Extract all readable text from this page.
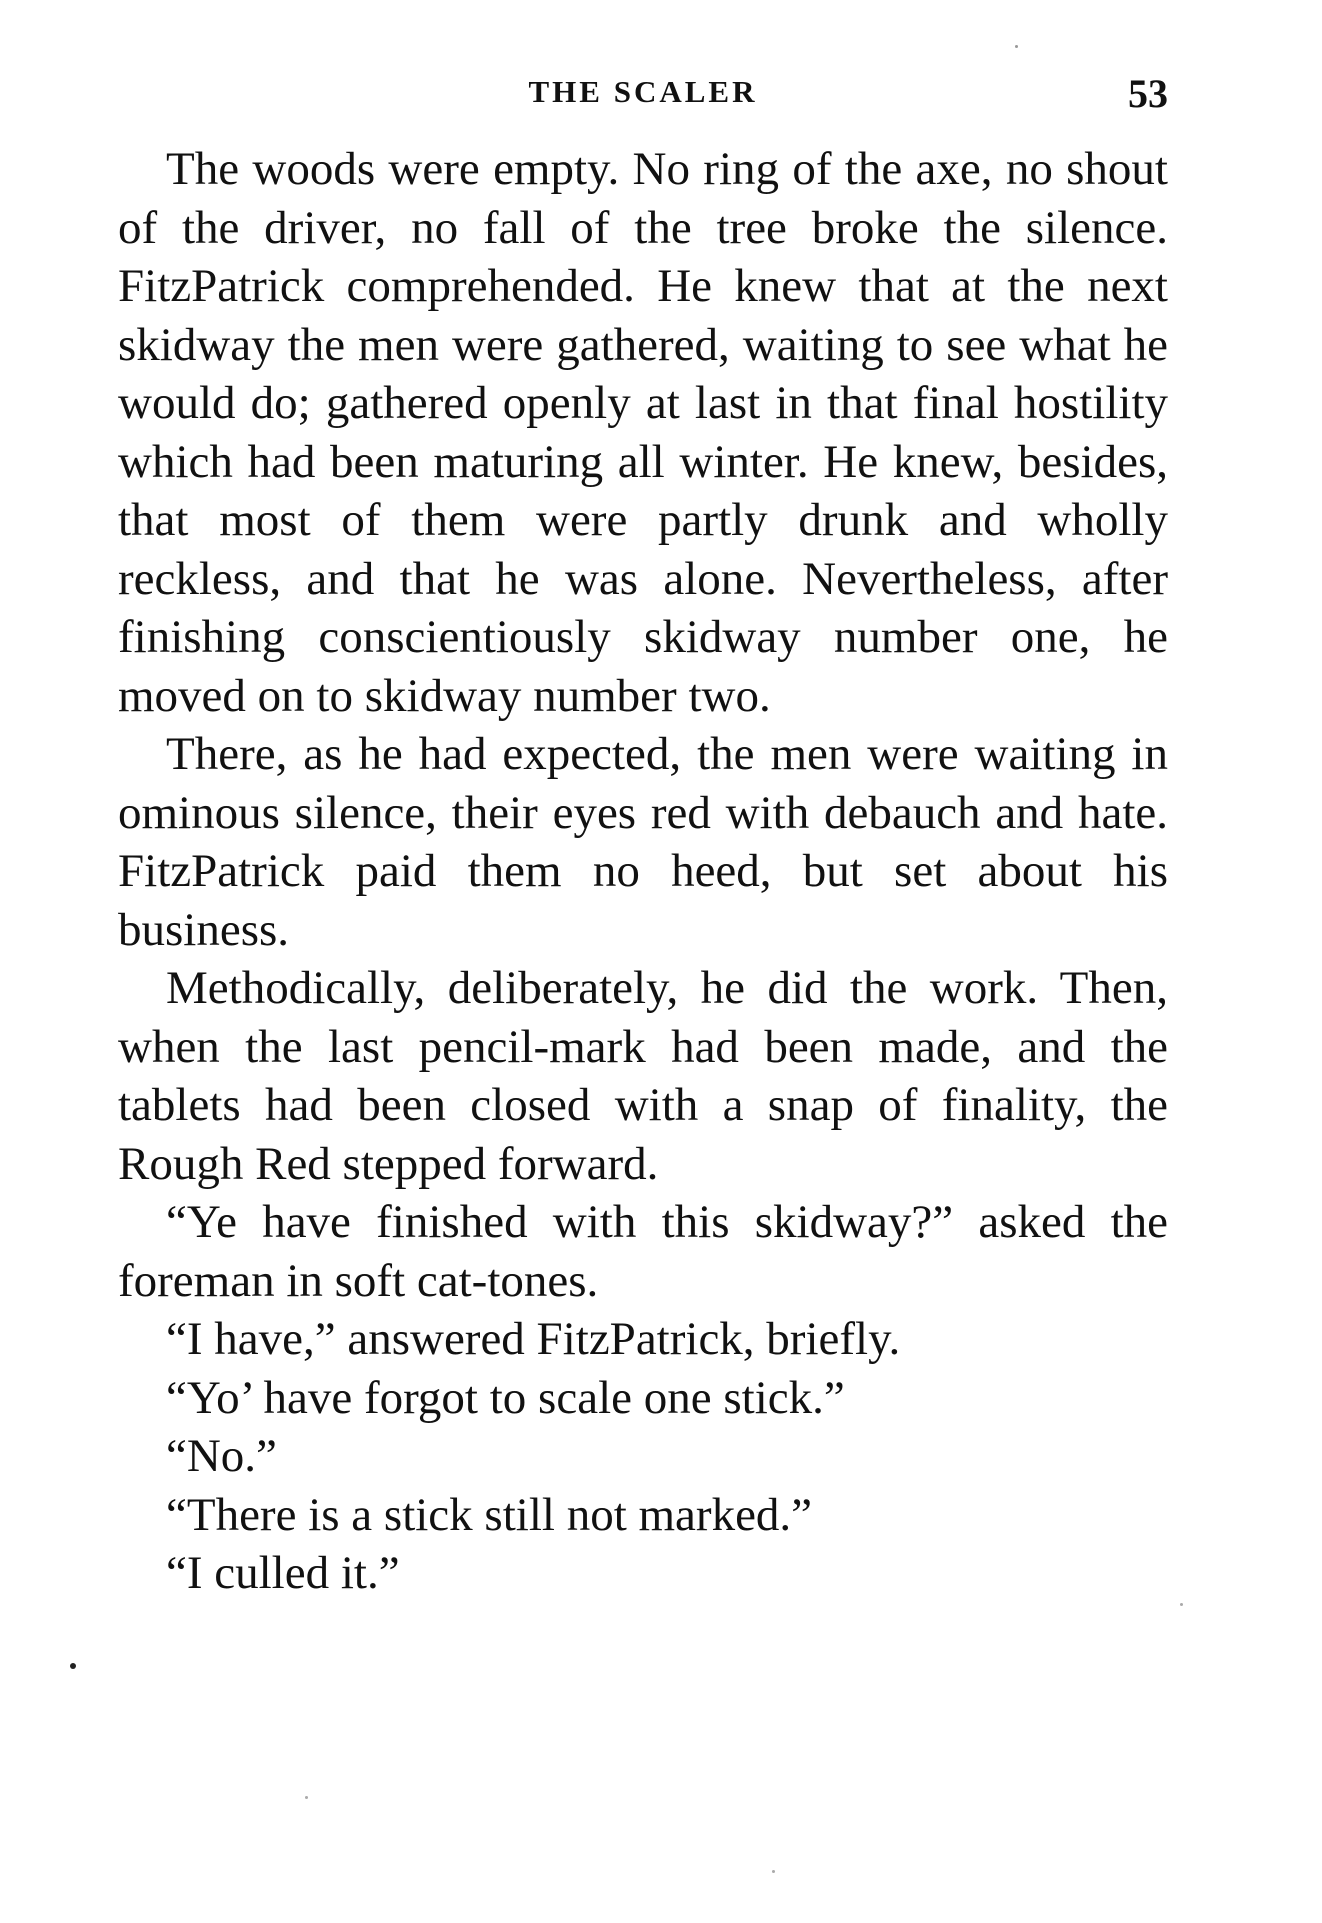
THE SCALER	53

The woods were empty. No ring of the axe, no shout of the driver, no fall of the tree broke the silence. FitzPatrick comprehended. He knew that at the next skidway the men were gathered, waiting to see what he would do; gathered openly at last in that final hostility which had been maturing all winter. He knew, besides, that most of them were partly drunk and wholly reckless, and that he was alone. Nevertheless, after finishing conscientiously skidway number one, he moved on to skidway number two.

There, as he had expected, the men were waiting in ominous silence, their eyes red with debauch and hate. FitzPatrick paid them no heed, but set about his business.

Methodically, deliberately, he did the work. Then, when the last pencil-mark had been made, and the tablets had been closed with a snap of finality, the Rough Red stepped forward.

“Ye have finished with this skidway?” asked the foreman in soft cat-tones.

“I have,” answered FitzPatrick, briefly.

“Yo’ have forgot to scale one stick.”

“No.”

“There is a stick still not marked.”

“I culled it.”
